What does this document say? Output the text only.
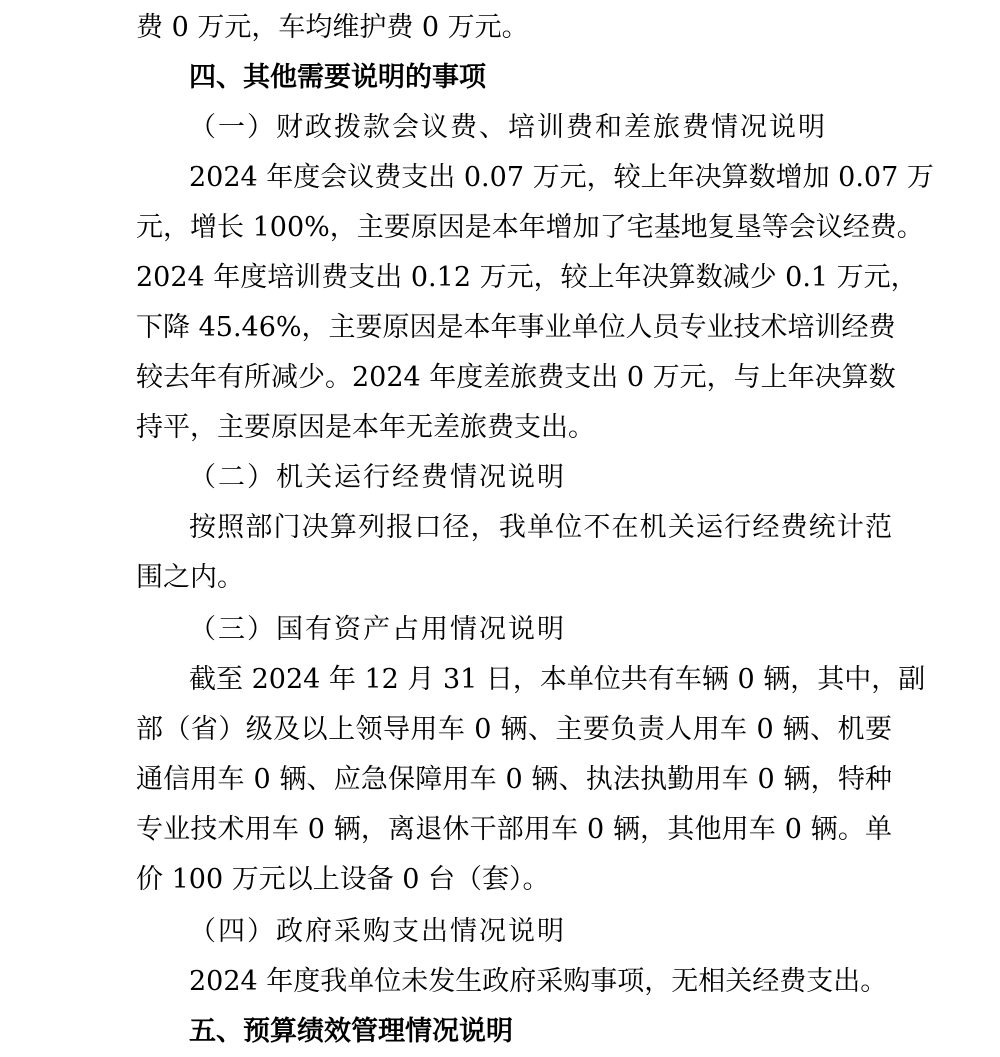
费 0 万元，车均维护费 0 万元。
四、其他需要说明的事项
（一）财政拨款会议费、培训费和差旅费情况说明
2024 年度会议费支出 0.07 万元，较上年决算数增加 0.07 万
元，增长 100%，主要原因是本年增加了宅基地复垦等会议经费。
2024 年度培训费支出 0.12 万元，较上年决算数减少 0.1 万元，
下降 45.46%，主要原因是本年事业单位人员专业技术培训经费
较去年有所减少。2024 年度差旅费支出 0 万元，与上年决算数
持平，主要原因是本年无差旅费支出。
（二）机关运行经费情况说明
按照部门决算列报口径，我单位不在机关运行经费统计范
围之内。
（三）国有资产占用情况说明
截至 2024 年 12 月 31 日，本单位共有车辆 0 辆，其中，副
部（省）级及以上领导用车 0 辆、主要负责人用车 0 辆、机要
通信用车 0 辆、应急保障用车 0 辆、执法执勤用车 0 辆，特种
专业技术用车 0 辆，离退休干部用车 0 辆，其他用车 0 辆。单
价 100 万元以上设备 0 台（套）。
（四）政府采购支出情况说明
2024 年度我单位未发生政府采购事项，无相关经费支出。
五、预算绩效管理情况说明
